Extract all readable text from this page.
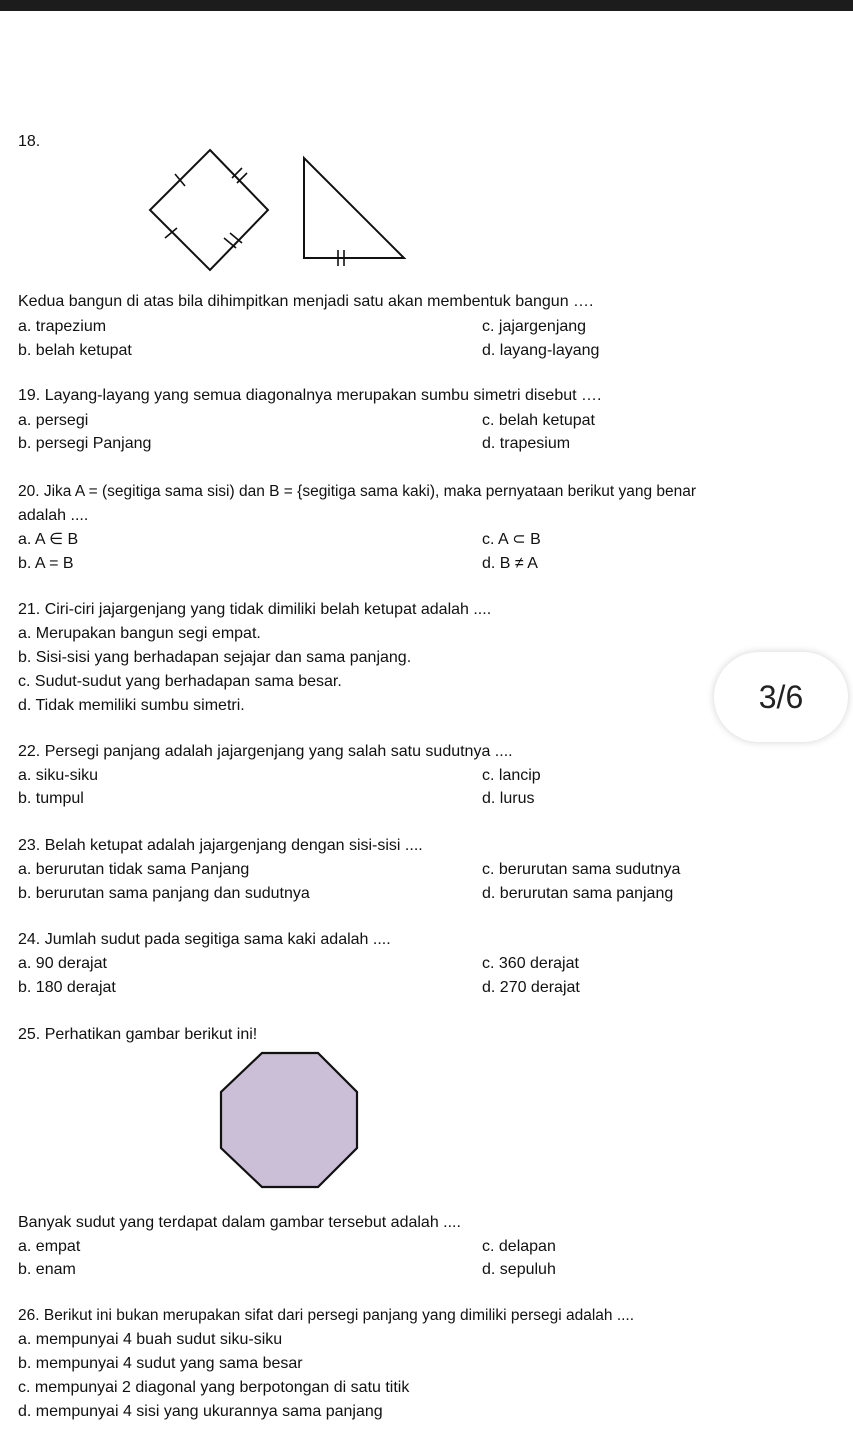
18.
Kedua bangun di atas bila dihimpitkan menjadi satu akan membentuk bangun ….
a. trapezium
b. belah ketupat
c. jajargenjang
d. layang-layang
19. Layang-layang yang semua diagonalnya merupakan sumbu simetri disebut ….
a. persegi
b. persegi Panjang
c. belah ketupat
d. trapesium
20. Jika A = (segitiga sama sisi) dan B = {segitiga sama kaki), maka pernyataan berikut yang benar
adalah ....
a. A ∈ B
b. A = B
c. A ⊂ B
d. B ≠ A
21. Ciri-ciri jajargenjang yang tidak dimiliki belah ketupat adalah ....
a. Merupakan bangun segi empat.
b. Sisi-sisi yang berhadapan sejajar dan sama panjang.
c. Sudut-sudut yang berhadapan sama besar.
d. Tidak memiliki sumbu simetri.	3/6
22. Persegi panjang adalah jajargenjang yang salah satu sudutnya ....
a. siku-siku
b. tumpul
c. lancip
d. lurus
23. Belah ketupat adalah jajargenjang dengan sisi-sisi ....
a. berurutan tidak sama Panjang
b. berurutan sama panjang dan sudutnya
c. berurutan sama sudutnya
d. berurutan sama panjang
24. Jumlah sudut pada segitiga sama kaki adalah ....
a. 90 derajat
b. 180 derajat
c. 360 derajat
d. 270 derajat
25. Perhatikan gambar berikut ini!
Banyak sudut yang terdapat dalam gambar tersebut adalah ....
a. empat
b. enam
c. delapan
d. sepuluh
26. Berikut ini bukan merupakan sifat dari persegi panjang yang dimiliki persegi adalah ....
a. mempunyai 4 buah sudut siku-siku
b. mempunyai 4 sudut yang sama besar
c. mempunyai 2 diagonal yang berpotongan di satu titik
d. mempunyai 4 sisi yang ukurannya sama panjang
